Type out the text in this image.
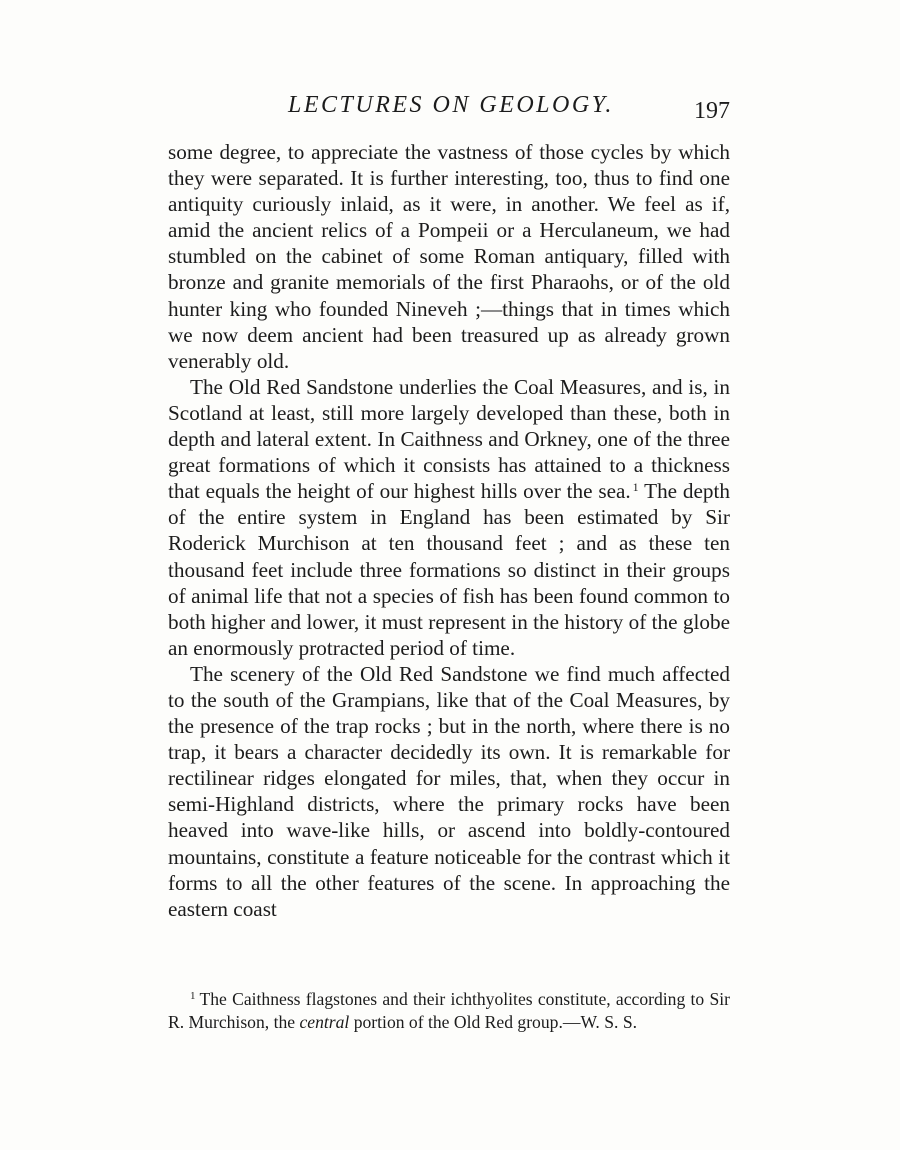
LECTURES ON GEOLOGY.	197

some degree, to appreciate the vastness of those cycles by which they were separated. It is further interesting, too, thus to find one antiquity curiously inlaid, as it were, in another. We feel as if, amid the ancient relics of a Pompeii or a Herculaneum, we had stumbled on the cabinet of some Roman antiquary, filled with bronze and granite memorials of the first Pharaohs, or of the old hunter king who founded Nineveh ;—things that in times which we now deem ancient had been treasured up as already grown venerably old.

The Old Red Sandstone underlies the Coal Measures, and is, in Scotland at least, still more largely developed than these, both in depth and lateral extent. In Caithness and Orkney, one of the three great formations of which it consists has attained to a thickness that equals the height of our highest hills over the sea. $^1$ The depth of the entire system in England has been estimated by Sir Roderick Murchison at ten thousand feet ; and as these ten thousand feet include three formations so distinct in their groups of animal life that not a species of fish has been found common to both higher and lower, it must represent in the history of the globe an enormously protracted period of time.

The scenery of the Old Red Sandstone we find much affected to the south of the Grampians, like that of the Coal Measures, by the presence of the trap rocks ; but in the north, where there is no trap, it bears a character decidedly its own. It is remarkable for rectilinear ridges elongated for miles, that, when they occur in semi-Highland districts, where the primary rocks have been heaved into wave-like hills, or ascend into boldly-contoured mountains, constitute a feature noticeable for the contrast which it forms to all the other features of the scene. In approaching the eastern coast

$^1$ The Caithness flagstones and their ichthyolites constitute, according to Sir R. Murchison, the central portion of the Old Red group.—W. S. S.
